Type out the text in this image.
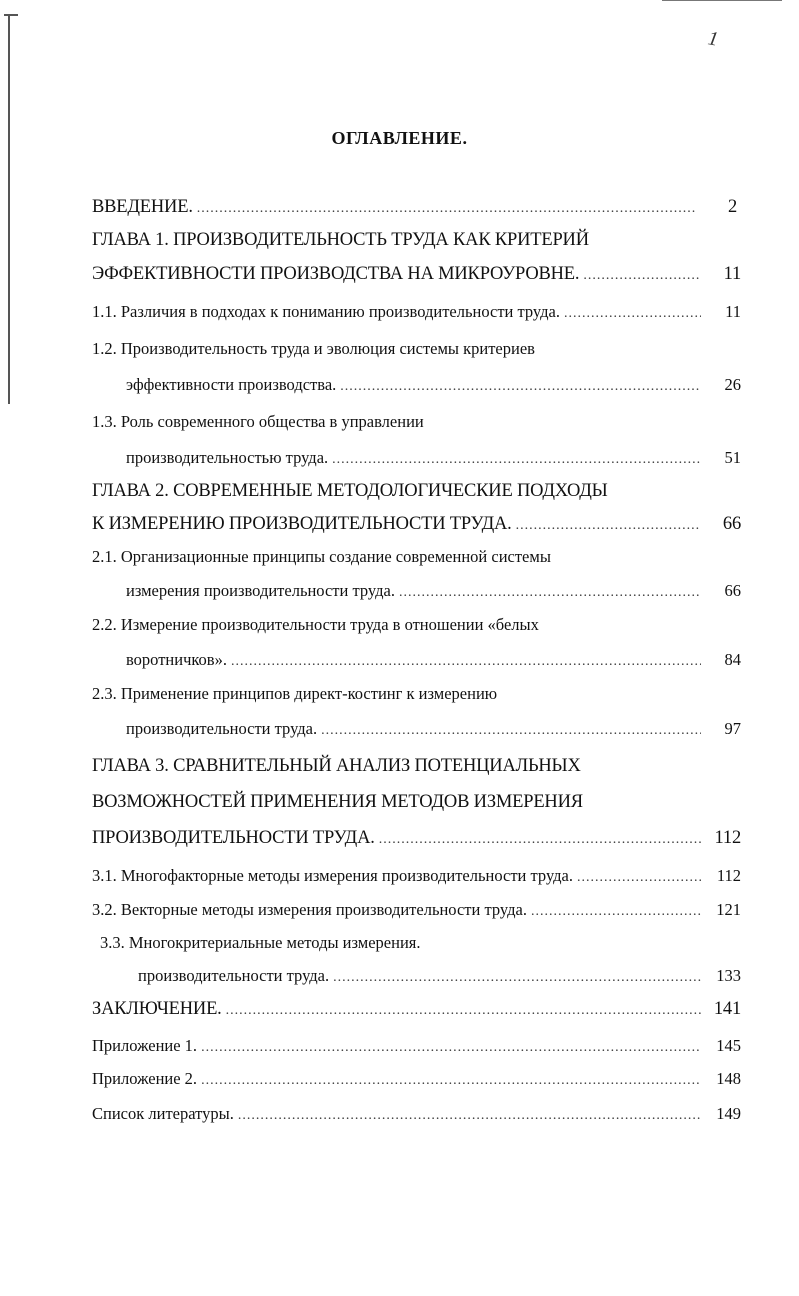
1
ОГЛАВЛЕНИЕ.
ВВЕДЕНИЕ. .....	2
ГЛАВА 1. ПРОИЗВОДИТЕЛЬНОСТЬ ТРУДА КАК КРИТЕРИЙ
ЭФФЕКТИВНОСТИ ПРОИЗВОДСТВА НА МИКРОУРОВНЕ. .....	11
1.1. Различия в подходах к пониманию производительности труда. .....	11
1.2. Производительность труда и эволюция системы критериев
эффективности производства. .....	26
1.3. Роль современного общества в управлении
производительностью труда. .....	51
ГЛАВА 2. СОВРЕМЕННЫЕ МЕТОДОЛОГИЧЕСКИЕ ПОДХОДЫ
К ИЗМЕРЕНИЮ ПРОИЗВОДИТЕЛЬНОСТИ ТРУДА. .....	66
2.1. Организационные принципы создание современной системы
измерения производительности труда. .....	66
2.2. Измерение производительности труда в отношении «белых
воротничков». .....	84
2.3. Применение принципов директ-костинг к измерению
производительности труда. .....	97
ГЛАВА 3. СРАВНИТЕЛЬНЫЙ АНАЛИЗ ПОТЕНЦИАЛЬНЫХ
ВОЗМОЖНОСТЕЙ ПРИМЕНЕНИЯ МЕТОДОВ ИЗМЕРЕНИЯ
ПРОИЗВОДИТЕЛЬНОСТИ ТРУДА. .....	112
3.1. Многофакторные методы измерения производительности труда. .....	112
3.2. Векторные методы измерения производительности труда. .....	121
3.3. Многокритериальные методы измерения.
производительности труда. .....	133
ЗАКЛЮЧЕНИЕ. .....	141
Приложение 1. .....	145
Приложение 2. .....	148
Список литературы. .....	149
